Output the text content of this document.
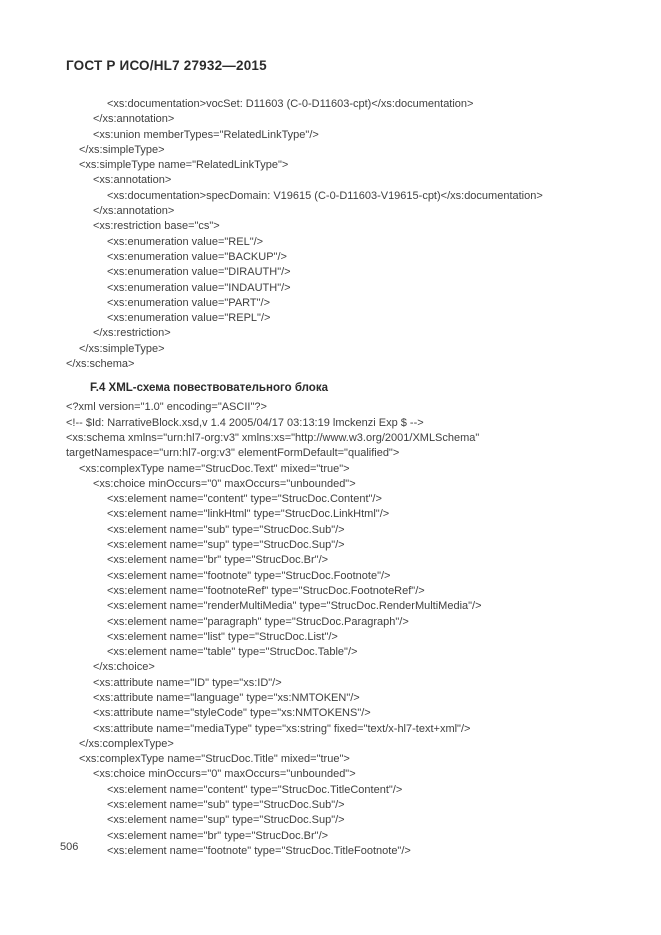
ГОСТ Р ИСО/HL7 27932—2015
<xs:documentation>vocSet: D11603 (C-0-D11603-cpt)</xs:documentation>
</xs:annotation>
<xs:union memberTypes="RelatedLinkType"/>
</xs:simpleType>
<xs:simpleType name="RelatedLinkType">
<xs:annotation>
<xs:documentation>specDomain: V19615 (C-0-D11603-V19615-cpt)</xs:documentation>
</xs:annotation>
<xs:restriction base="cs">
<xs:enumeration value="REL"/>
<xs:enumeration value="BACKUP"/>
<xs:enumeration value="DIRAUTH"/>
<xs:enumeration value="INDAUTH"/>
<xs:enumeration value="PART"/>
<xs:enumeration value="REPL"/>
</xs:restriction>
</xs:simpleType>
</xs:schema>
F.4 XML-схема повествовательного блока
<?xml version="1.0" encoding="ASCII"?>
<!-- $Id: NarrativeBlock.xsd,v 1.4 2005/04/17 03:13:19 lmckenzi Exp $ -->
<xs:schema xmlns="urn:hl7-org:v3" xmlns:xs="http://www.w3.org/2001/XMLSchema" targetNamespace="urn:hl7-org:v3" elementFormDefault="qualified">
<xs:complexType name="StrucDoc.Text" mixed="true">
<xs:choice minOccurs="0" maxOccurs="unbounded">
<xs:element name="content" type="StrucDoc.Content"/>
<xs:element name="linkHtml" type="StrucDoc.LinkHtml"/>
<xs:element name="sub" type="StrucDoc.Sub"/>
<xs:element name="sup" type="StrucDoc.Sup"/>
<xs:element name="br" type="StrucDoc.Br"/>
<xs:element name="footnote" type="StrucDoc.Footnote"/>
<xs:element name="footnoteRef" type="StrucDoc.FootnoteRef"/>
<xs:element name="renderMultiMedia" type="StrucDoc.RenderMultiMedia"/>
<xs:element name="paragraph" type="StrucDoc.Paragraph"/>
<xs:element name="list" type="StrucDoc.List"/>
<xs:element name="table" type="StrucDoc.Table"/>
</xs:choice>
<xs:attribute name="ID" type="xs:ID"/>
<xs:attribute name="language" type="xs:NMTOKEN"/>
<xs:attribute name="styleCode" type="xs:NMTOKENS"/>
<xs:attribute name="mediaType" type="xs:string" fixed="text/x-hl7-text+xml"/>
</xs:complexType>
<xs:complexType name="StrucDoc.Title" mixed="true">
<xs:choice minOccurs="0" maxOccurs="unbounded">
<xs:element name="content" type="StrucDoc.TitleContent"/>
<xs:element name="sub" type="StrucDoc.Sub"/>
<xs:element name="sup" type="StrucDoc.Sup"/>
<xs:element name="br" type="StrucDoc.Br"/>
<xs:element name="footnote" type="StrucDoc.TitleFootnote"/>
506
